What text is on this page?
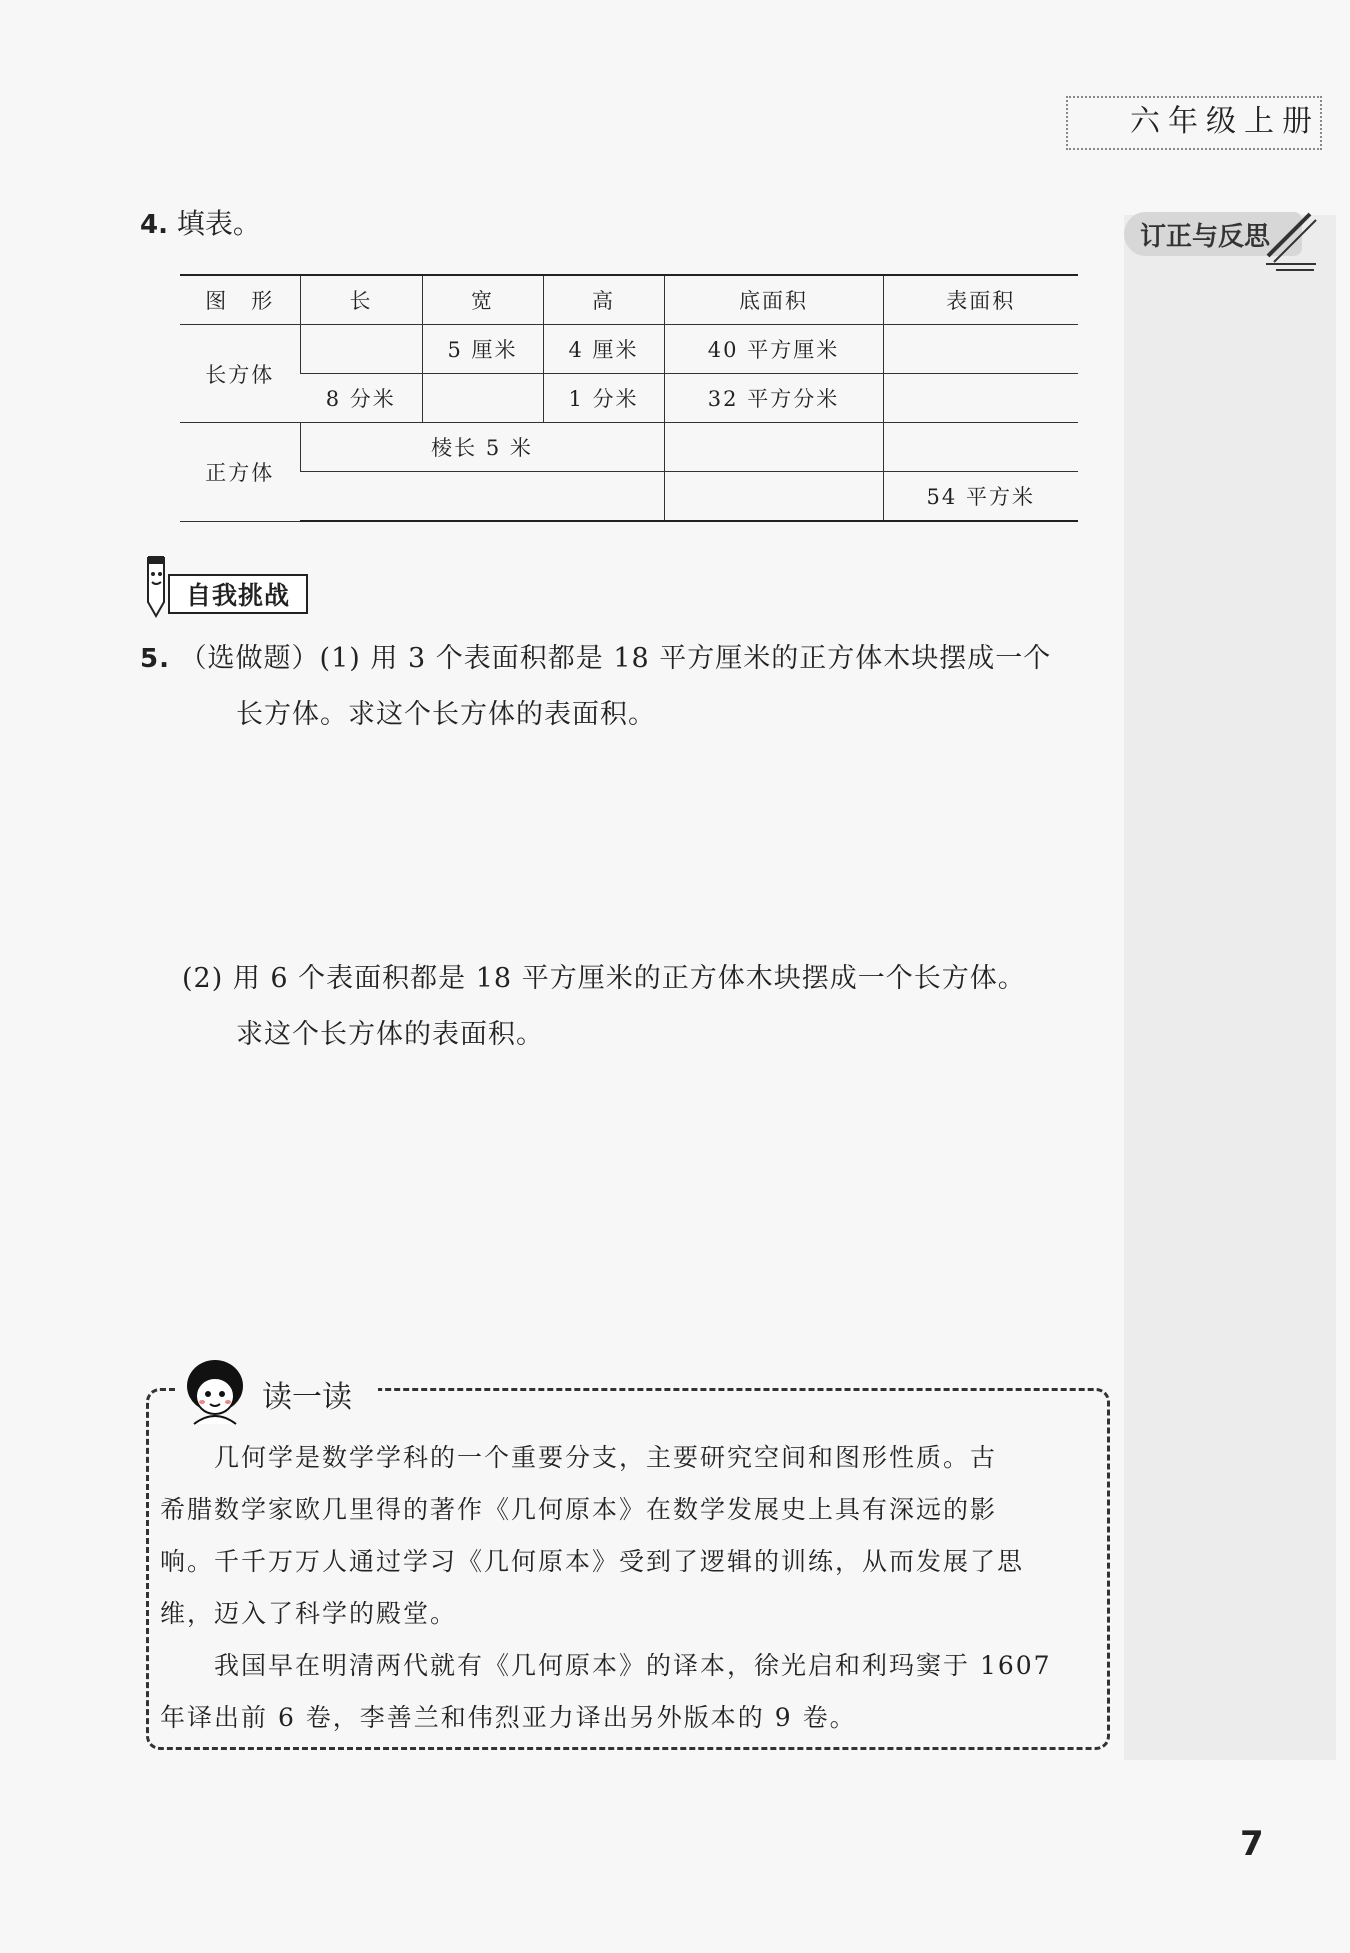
六年级上册
订正与反思
4. 填表。
图　形	长	宽	高	底面积	表面积
长方体		5 厘米	4 厘米	40 平方厘米	
	8 分米		1 分米	32 平方分米	
正方体	棱长 5 米				
					54 平方米
自我挑战
5. （选做题）(1) 用 3 个表面积都是 18 平方厘米的正方体木块摆成一个
长方体。求这个长方体的表面积。
(2) 用 6 个表面积都是 18 平方厘米的正方体木块摆成一个长方体。
求这个长方体的表面积。
读一读
　　几何学是数学学科的一个重要分支，主要研究空间和图形性质。古
希腊数学家欧几里得的著作《几何原本》在数学发展史上具有深远的影
响。千千万万人通过学习《几何原本》受到了逻辑的训练，从而发展了思
维，迈入了科学的殿堂。
　　我国早在明清两代就有《几何原本》的译本，徐光启和利玛窦于 1607
年译出前 6 卷，李善兰和伟烈亚力译出另外版本的 9 卷。
7
